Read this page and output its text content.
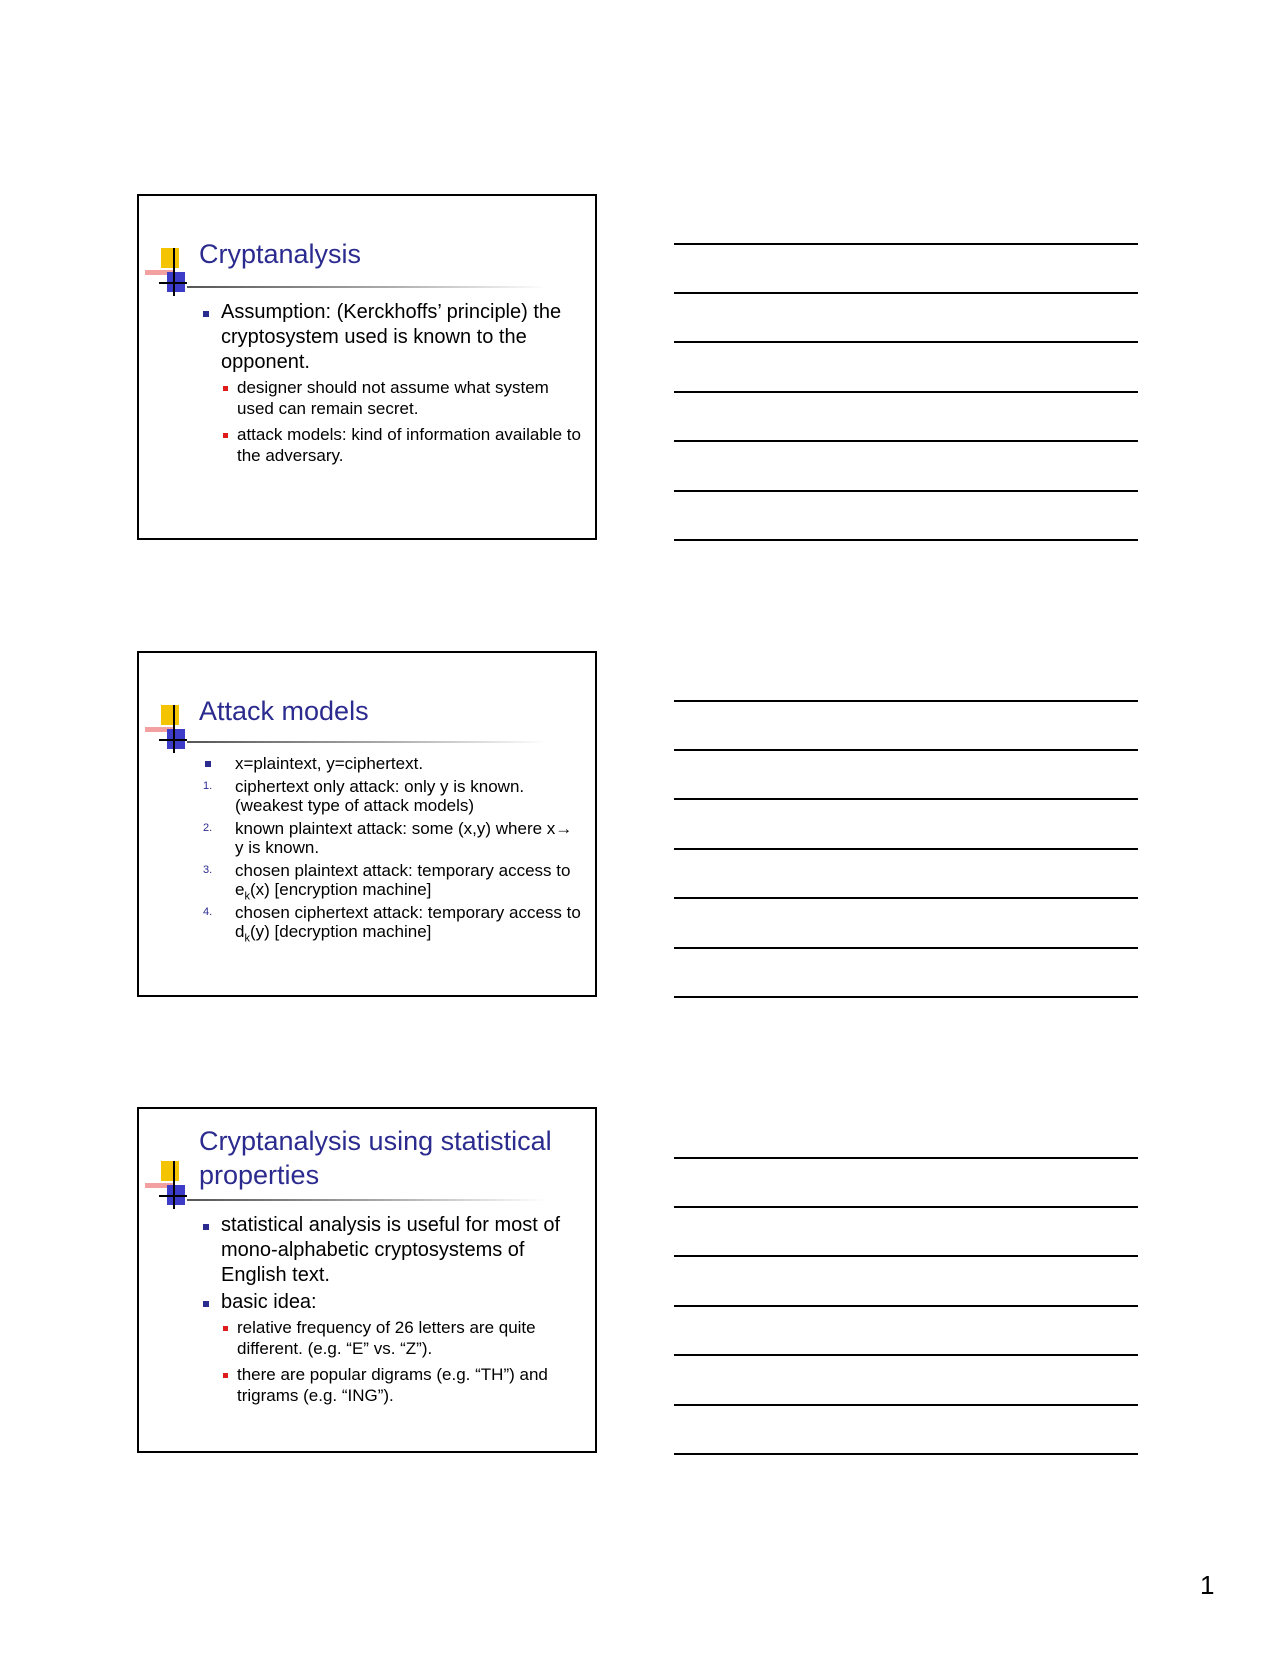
Cryptanalysis
Assumption: (Kerckhoffs’ principle) the cryptosystem used is known to the opponent.
designer should not assume what system used can remain secret.
attack models: kind of information available to the adversary.
Attack models
x=plaintext, y=ciphertext.
1.	ciphertext only attack: only y is known. (weakest type of attack models)
2.	known plaintext attack: some (x,y) where x→ y is known.
3.	chosen plaintext attack: temporary access to $e_k(x)$ [encryption machine]
4.	chosen ciphertext attack: temporary access to $d_k(y)$ [decryption machine]
Cryptanalysis using statistical properties
statistical analysis is useful for most of mono-alphabetic cryptosystems of English text.
basic idea:
relative frequency of 26 letters are quite different. (e.g. “E” vs. “Z”).
there are popular digrams (e.g. “TH”) and trigrams (e.g. “ING”).
1
